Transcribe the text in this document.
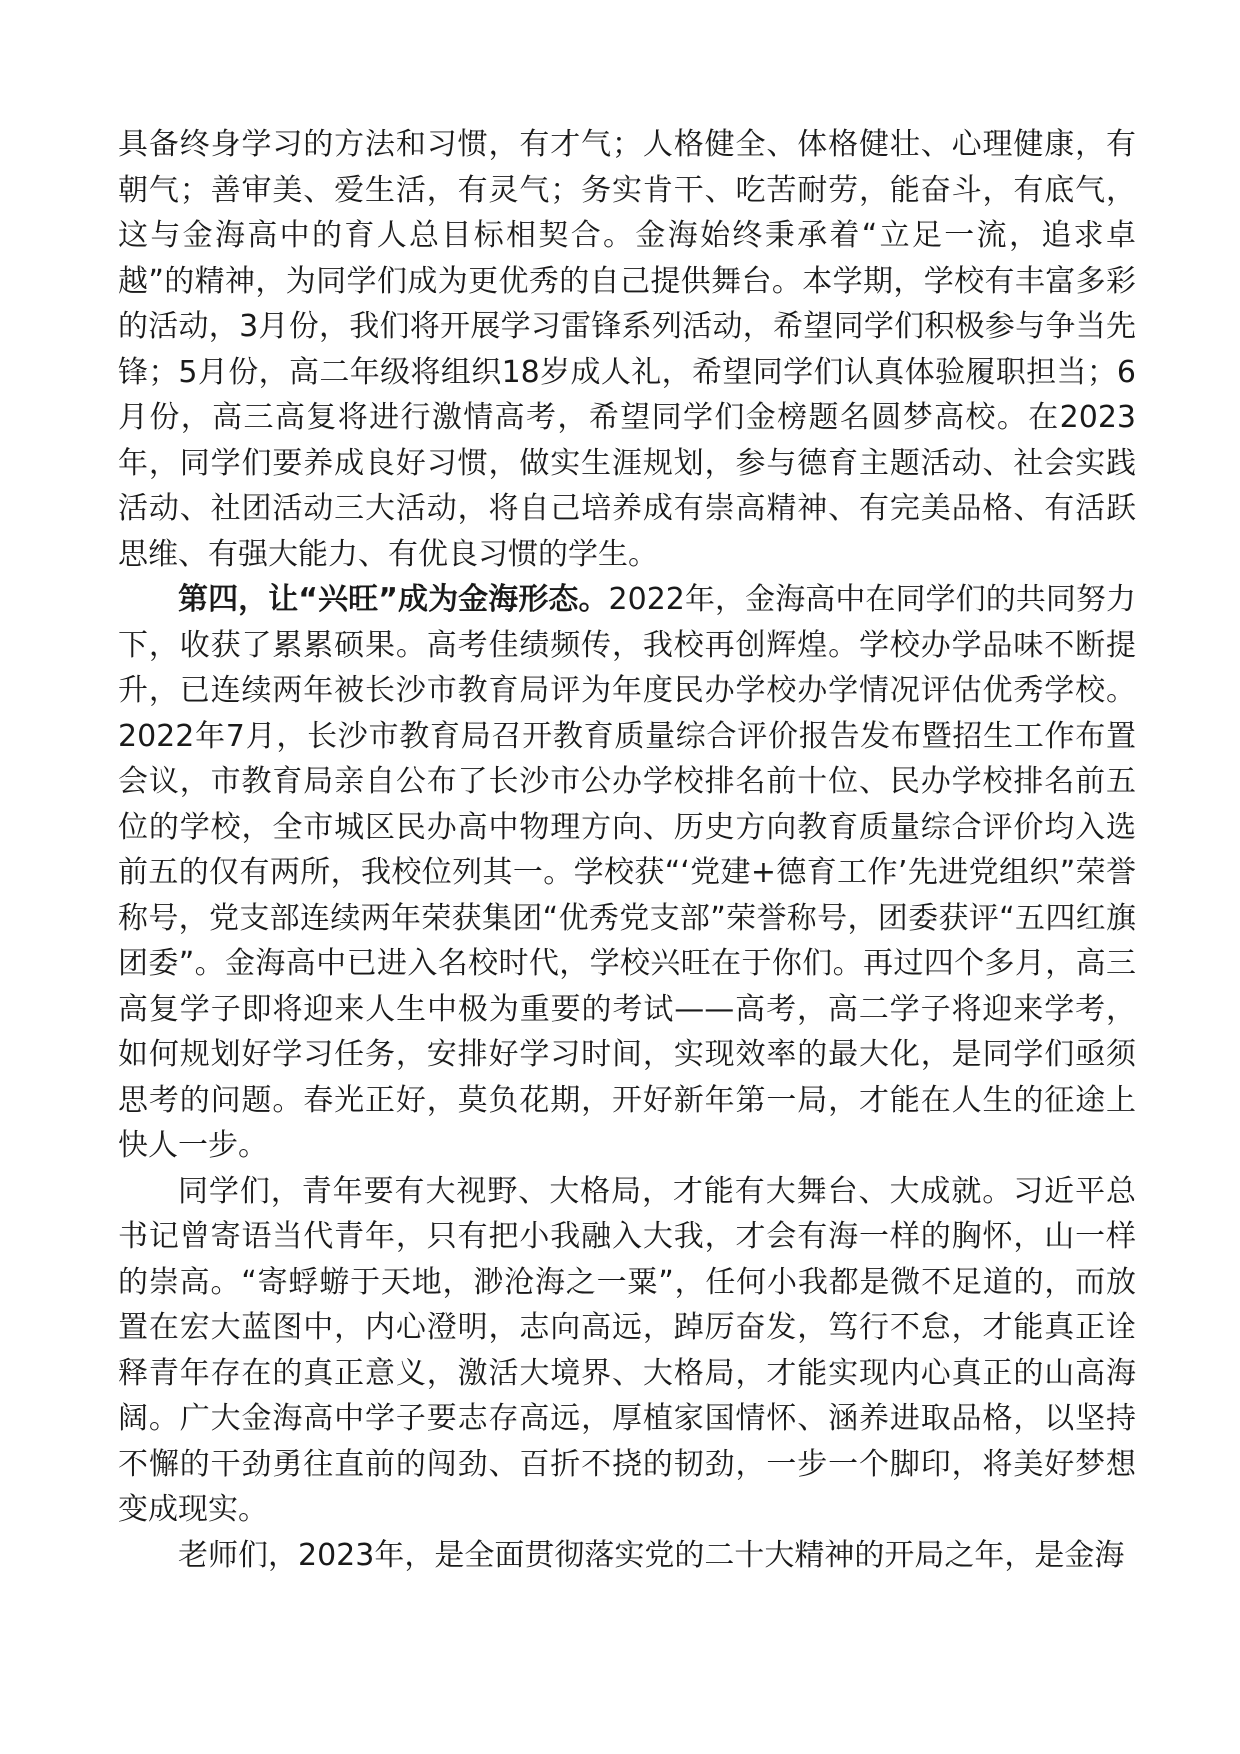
具备终身学习的方法和习惯，有才气；人格健全、体格健壮、心理健康，有朝气；善审美、爱生活，有灵气；务实肯干、吃苦耐劳，能奋斗，有底气，这与金海高中的育人总目标相契合。金海始终秉承着“立足一流，追求卓越”的精神，为同学们成为更优秀的自己提供舞台。本学期，学校有丰富多彩的活动，3月份，我们将开展学习雷锋系列活动，希望同学们积极参与争当先锋；5月份，高二年级将组织18岁成人礼，希望同学们认真体验履职担当；6月份，高三高复将进行激情高考，希望同学们金榜题名圆梦高校。在2023年，同学们要养成良好习惯，做实生涯规划，参与德育主题活动、社会实践活动、社团活动三大活动，将自己培养成有崇高精神、有完美品格、有活跃思维、有强大能力、有优良习惯的学生。

第四，让“兴旺”成为金海形态。2022年，金海高中在同学们的共同努力下，收获了累累硕果。高考佳绩频传，我校再创辉煌。学校办学品味不断提升，已连续两年被长沙市教育局评为年度民办学校办学情况评估优秀学校。2022年7月，长沙市教育局召开教育质量综合评价报告发布暨招生工作布置会议，市教育局亲自公布了长沙市公办学校排名前十位、民办学校排名前五位的学校，全市城区民办高中物理方向、历史方向教育质量综合评价均入选前五的仅有两所，我校位列其一。学校获“‘党建+德育工作’先进党组织”荣誉称号，党支部连续两年荣获集团“优秀党支部”荣誉称号，团委获评“五四红旗团委”。金海高中已进入名校时代，学校兴旺在于你们。再过四个多月，高三高复学子即将迎来人生中极为重要的考试——高考，高二学子将迎来学考，如何规划好学习任务，安排好学习时间，实现效率的最大化，是同学们亟须思考的问题。春光正好，莫负花期，开好新年第一局，才能在人生的征途上快人一步。

同学们，青年要有大视野、大格局，才能有大舞台、大成就。习近平总书记曾寄语当代青年，只有把小我融入大我，才会有海一样的胸怀，山一样的崇高。“寄蜉蝣于天地，渺沧海之一粟”，任何小我都是微不足道的，而放置在宏大蓝图中，内心澄明，志向高远，踔厉奋发，笃行不怠，才能真正诠释青年存在的真正意义，激活大境界、大格局，才能实现内心真正的山高海阔。广大金海高中学子要志存高远，厚植家国情怀、涵养进取品格，以坚持不懈的干劲勇往直前的闯劲、百折不挠的韧劲，一步一个脚印，将美好梦想变成现实。

老师们，2023年，是全面贯彻落实党的二十大精神的开局之年，是金海
